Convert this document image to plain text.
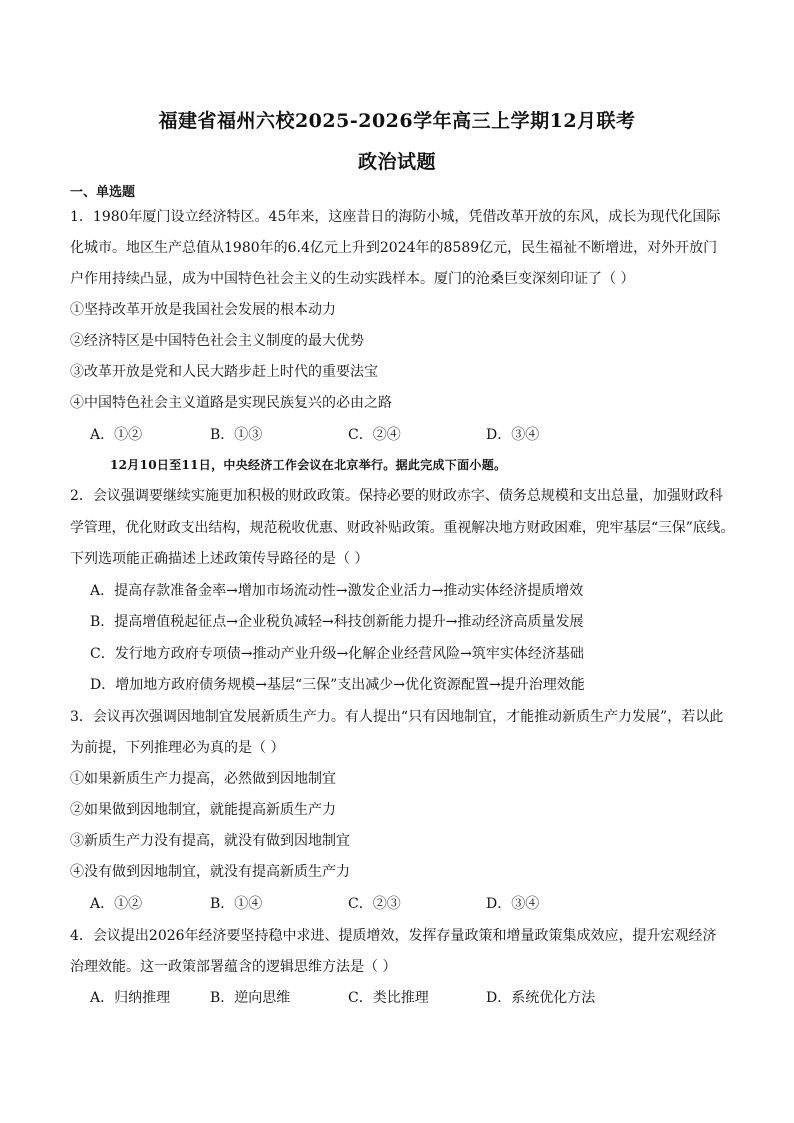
福建省福州六校2025-2026学年高三上学期12月联考
政治试题
一、单选题
1．1980年厦门设立经济特区。45年来，这座昔日的海防小城，凭借改革开放的东风，成长为现代化国际
化城市。地区生产总值从1980年的6.4亿元上升到2024年的8589亿元，民生福祉不断增进，对外开放门
户作用持续凸显，成为中国特色社会主义的生动实践样本。厦门的沧桑巨变深刻印证了（ ）
①坚持改革开放是我国社会发展的根本动力
②经济特区是中国特色社会主义制度的最大优势
③改革开放是党和人民大踏步赶上时代的重要法宝
④中国特色社会主义道路是实现民族复兴的必由之路
A．①②	B．①③	C．②④	D．③④
12月10日至11日，中央经济工作会议在北京举行。据此完成下面小题。
2．会议强调要继续实施更加积极的财政政策。保持必要的财政赤字、债务总规模和支出总量，加强财政科
学管理，优化财政支出结构，规范税收优惠、财政补贴政策。重视解决地方财政困难，兜牢基层“三保”底线。
下列选项能正确描述上述政策传导路径的是（ ）
A．提高存款准备金率→增加市场流动性→激发企业活力→推动实体经济提质增效
B．提高增值税起征点→企业税负减轻→科技创新能力提升→推动经济高质量发展
C．发行地方政府专项债→推动产业升级→化解企业经营风险→筑牢实体经济基础
D．增加地方政府债务规模→基层“三保”支出减少→优化资源配置→提升治理效能
3．会议再次强调因地制宜发展新质生产力。有人提出“只有因地制宜，才能推动新质生产力发展”，若以此
为前提，下列推理必为真的是（ ）
①如果新质生产力提高，必然做到因地制宜
②如果做到因地制宜，就能提高新质生产力
③新质生产力没有提高，就没有做到因地制宜
④没有做到因地制宜，就没有提高新质生产力
A．①②	B．①④	C．②③	D．③④
4．会议提出2026年经济要坚持稳中求进、提质增效，发挥存量政策和增量政策集成效应，提升宏观经济
治理效能。这一政策部署蕴含的逻辑思维方法是（ ）
A．归纳推理	B．逆向思维	C．类比推理	D．系统优化方法
